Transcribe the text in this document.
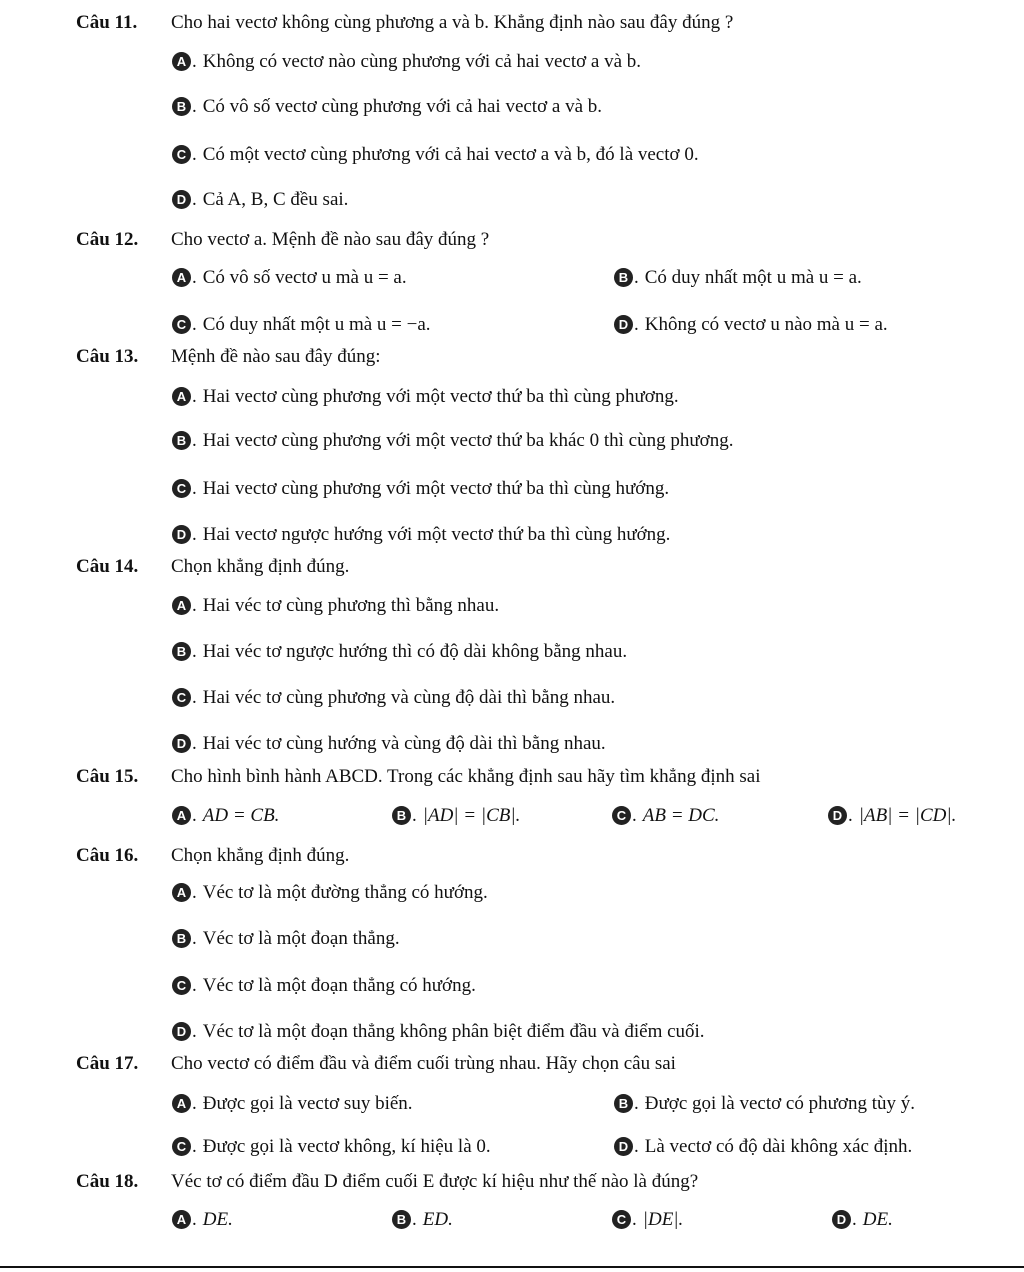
Câu 11. Cho hai vectơ không cùng phương a và b. Khẳng định nào sau đây đúng ?
A . Không có vectơ nào cùng phương với cả hai vectơ a và b.
B . Có vô số vectơ cùng phương với cả hai vectơ a và b.
C . Có một vectơ cùng phương với cả hai vectơ a và b, đó là vectơ 0.
D . Cả A, B, C đều sai.
Câu 12. Cho vectơ a. Mệnh đề nào sau đây đúng ?
A . Có vô số vectơ u mà u = a.	B . Có duy nhất một u mà u = a.
C . Có duy nhất một u mà u = −a.	D . Không có vectơ u nào mà u = a.
Câu 13. Mệnh đề nào sau đây đúng:
A . Hai vectơ cùng phương với một vectơ thứ ba thì cùng phương.
B . Hai vectơ cùng phương với một vectơ thứ ba khác 0 thì cùng phương.
C . Hai vectơ cùng phương với một vectơ thứ ba thì cùng hướng.
D . Hai vectơ ngược hướng với một vectơ thứ ba thì cùng hướng.
Câu 14. Chọn khẳng định đúng.
A . Hai véc tơ cùng phương thì bằng nhau.
B . Hai véc tơ ngược hướng thì có độ dài không bằng nhau.
C . Hai véc tơ cùng phương và cùng độ dài thì bằng nhau.
D . Hai véc tơ cùng hướng và cùng độ dài thì bằng nhau.
Câu 15. Cho hình bình hành ABCD. Trong các khẳng định sau hãy tìm khẳng định sai
A . AD = CB.	B . |AD| = |CB|.	C . AB = DC.	D . |AB| = |CD|.
Câu 16. Chọn khẳng định đúng.
A . Véc tơ là một đường thẳng có hướng.
B . Véc tơ là một đoạn thẳng.
C . Véc tơ là một đoạn thẳng có hướng.
D . Véc tơ là một đoạn thẳng không phân biệt điểm đầu và điểm cuối.
Câu 17. Cho vectơ có điểm đầu và điểm cuối trùng nhau. Hãy chọn câu sai
A . Được gọi là vectơ suy biến.	B . Được gọi là vectơ có phương tùy ý.
C . Được gọi là vectơ không, kí hiệu là 0.	D . Là vectơ có độ dài không xác định.
Câu 18. Véc tơ có điểm đầu D điểm cuối E được kí hiệu như thế nào là đúng?
A . DE.	B . ED.	C . |DE|.	D . DE.
